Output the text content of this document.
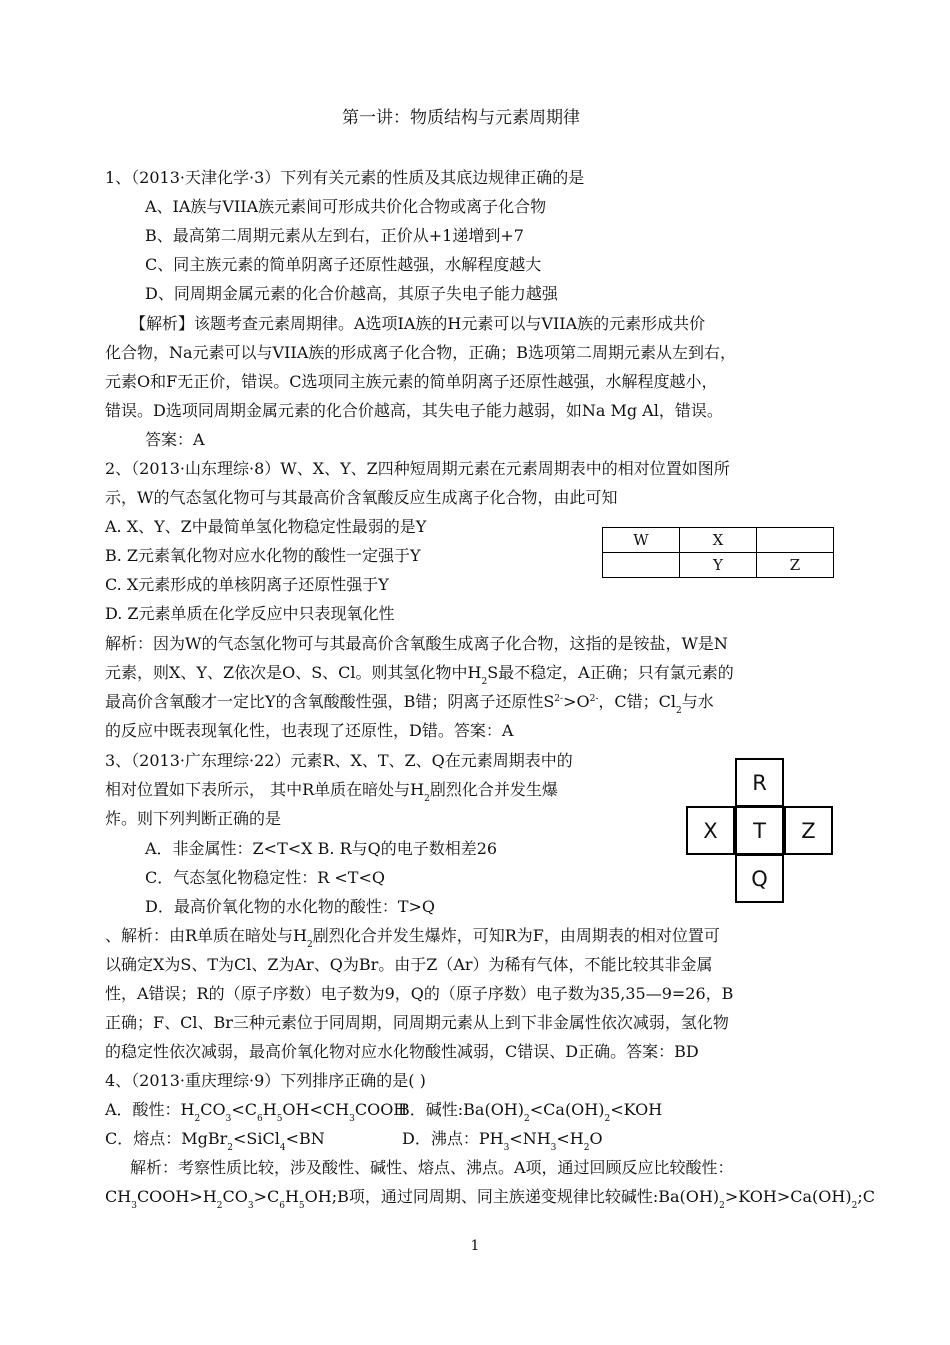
第一讲：物质结构与元素周期律
1、（2013·天津化学·3）下列有关元素的性质及其底边规律正确的是
A、IA族与VIIA族元素间可形成共价化合物或离子化合物
B、最高第二周期元素从左到右，正价从+1递增到+7
C、同主族元素的简单阴离子还原性越强，水解程度越大
D、同周期金属元素的化合价越高，其原子失电子能力越强
【解析】该题考查元素周期律。A选项IA族的H元素可以与VIIA族的元素形成共价
化合物，Na元素可以与VIIA族的形成离子化合物，正确；B选项第二周期元素从左到右，
元素O和F无正价，错误。C选项同主族元素的简单阴离子还原性越强，水解程度越小，
错误。D选项同周期金属元素的化合价越高，其失电子能力越弱，如Na Mg Al，错误。
答案：A
2、（2013·山东理综·8）W、X、Y、Z四种短周期元素在元素周期表中的相对位置如图所
示，W的气态氢化物可与其最高价含氧酸反应生成离子化合物，由此可知
A. X、Y、Z中最简单氢化物稳定性最弱的是Y
B. Z元素氧化物对应水化物的酸性一定强于Y
C. X元素形成的单核阴离子还原性强于Y
D. Z元素单质在化学反应中只表现氧化性
W	X	
	Y	Z
解析：因为W的气态氢化物可与其最高价含氧酸生成离子化合物，这指的是铵盐，W是N
元素，则X、Y、Z依次是O、S、Cl。则其氢化物中$H_2S$最不稳定，A正确；只有氯元素的
最高价含氧酸才一定比Y的含氧酸酸性强，B错；阴离子还原性$S^{2-}>O^{2-}$，C错；$Cl_2$与水
的反应中既表现氧化性，也表现了还原性，D错。答案：A
3、（2013·广东理综·22）元素R、X、T、Z、Q在元素周期表中的
相对位置如下表所示， 其中R单质在暗处与$H_2$剧烈化合并发生爆
炸。则下列判断正确的是
A．非金属性：Z<T<X B. R与Q的电子数相差26
C．气态氢化物稳定性：R <T<Q
D．最高价氧化物的水化物的酸性：T>Q
R
X	T	Z
Q
、解析：由R单质在暗处与$H_2$剧烈化合并发生爆炸，可知R为F，由周期表的相对位置可
以确定X为S、T为Cl、Z为Ar、Q为Br。由于Z（Ar）为稀有气体，不能比较其非金属
性，A错误；R的（原子序数）电子数为9，Q的（原子序数）电子数为35,35—9=26，B
正确；F、Cl、Br三种元素位于同周期，同周期元素从上到下非金属性依次减弱，氢化物
的稳定性依次减弱，最高价氧化物对应水化物酸性减弱，C错误、D正确。答案：BD
4、（2013·重庆理综·9）下列排序正确的是( )
A．酸性：$H_2CO_3<C_6H_5OH<CH_3COOH$
B．碱性$:Ba(OH)_2<Ca(OH)_2<KOH$
C．熔点：MgBr$_2$<SiCl$_4$<BN	D．沸点：$PH_3<NH_3<H_2O$
解析：考察性质比较，涉及酸性、碱性、熔点、沸点。A项，通过回顾反应比较酸性：
$CH_3COOH>H_2CO_3>C_6H_5OH;B$项，通过同周期、同主族递变规律比较碱性$:Ba(OH)_2>KOH>Ca(OH)_2;C$
1
